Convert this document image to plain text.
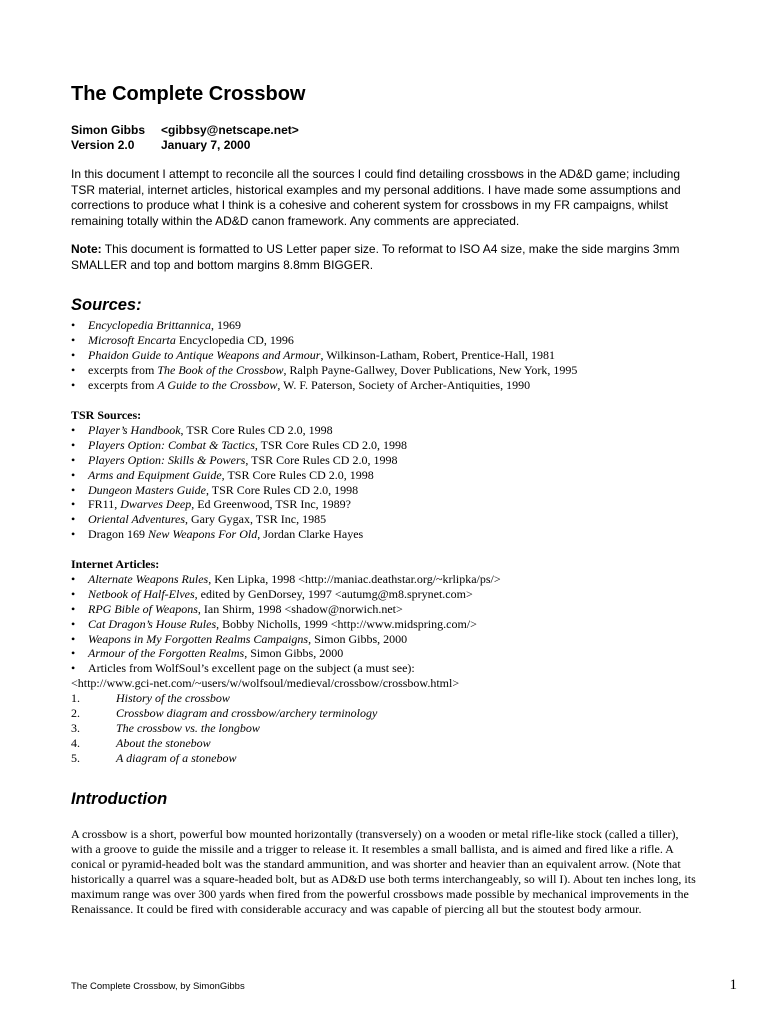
The Complete Crossbow
Simon Gibbs	<gibbsy@netscape.net>
Version 2.0	January 7, 2000

In this document I attempt to reconcile all the sources I could find detailing crossbows in the AD&D game; including TSR material, internet articles, historical examples and my personal additions. I have made some assumptions and corrections to produce what I think is a cohesive and coherent system for crossbows in my FR campaigns, whilst remaining totally within the AD&D canon framework. Any comments are appreciated.

Note: This document is formatted to US Letter paper size. To reformat to ISO A4 size, make the side margins 3mm SMALLER and top and bottom margins 8.8mm BIGGER.

Sources:
• Encyclopedia Brittannica, 1969
• Microsoft Encarta Encyclopedia CD, 1996
• Phaidon Guide to Antique Weapons and Armour, Wilkinson-Latham, Robert, Prentice-Hall, 1981
• excerpts from The Book of the Crossbow, Ralph Payne-Gallwey, Dover Publications, New York, 1995
• excerpts from A Guide to the Crossbow, W. F. Paterson, Society of Archer-Antiquities, 1990
TSR Sources:
• Player’s Handbook, TSR Core Rules CD 2.0, 1998
• Players Option: Combat & Tactics, TSR Core Rules CD 2.0, 1998
• Players Option: Skills & Powers, TSR Core Rules CD 2.0, 1998
• Arms and Equipment Guide, TSR Core Rules CD 2.0, 1998
• Dungeon Masters Guide, TSR Core Rules CD 2.0, 1998
• FR11, Dwarves Deep, Ed Greenwood, TSR Inc, 1989?
• Oriental Adventures, Gary Gygax, TSR Inc, 1985
• Dragon 169 New Weapons For Old, Jordan Clarke Hayes
Internet Articles:
• Alternate Weapons Rules, Ken Lipka, 1998 <http://maniac.deathstar.org/~krlipka/ps/>
• Netbook of Half-Elves, edited by GenDorsey, 1997 <autumg@m8.sprynet.com>
• RPG Bible of Weapons, Ian Shirm, 1998 <shadow@norwich.net>
• Cat Dragon’s House Rules, Bobby Nicholls, 1999 <http://www.midspring.com/>
• Weapons in My Forgotten Realms Campaigns, Simon Gibbs, 2000
• Armour of the Forgotten Realms, Simon Gibbs, 2000
• Articles from WolfSoul’s excellent page on the subject (a must see):
<http://www.gci-net.com/~users/w/wolfsoul/medieval/crossbow/crossbow.html>
1.	History of the crossbow
2.	Crossbow diagram and crossbow/archery terminology
3.	The crossbow vs. the longbow
4.	About the stonebow
5.	A diagram of a stonebow
Introduction

A crossbow is a short, powerful bow mounted horizontally (transversely) on a wooden or metal rifle-like stock (called a tiller), with a groove to guide the missile and a trigger to release it. It resembles a small ballista, and is aimed and fired like a rifle. A conical or pyramid-headed bolt was the standard ammunition, and was shorter and heavier than an equivalent arrow. (Note that historically a quarrel was a square-headed bolt, but as AD&D use both terms interchangeably, so will I). About ten inches long, its maximum range was over 300 yards when fired from the powerful crossbows made possible by mechanical improvements in the Renaissance. It could be fired with considerable accuracy and was capable of piercing all but the stoutest body armour.

The Complete Crossbow, by SimonGibbs	1
